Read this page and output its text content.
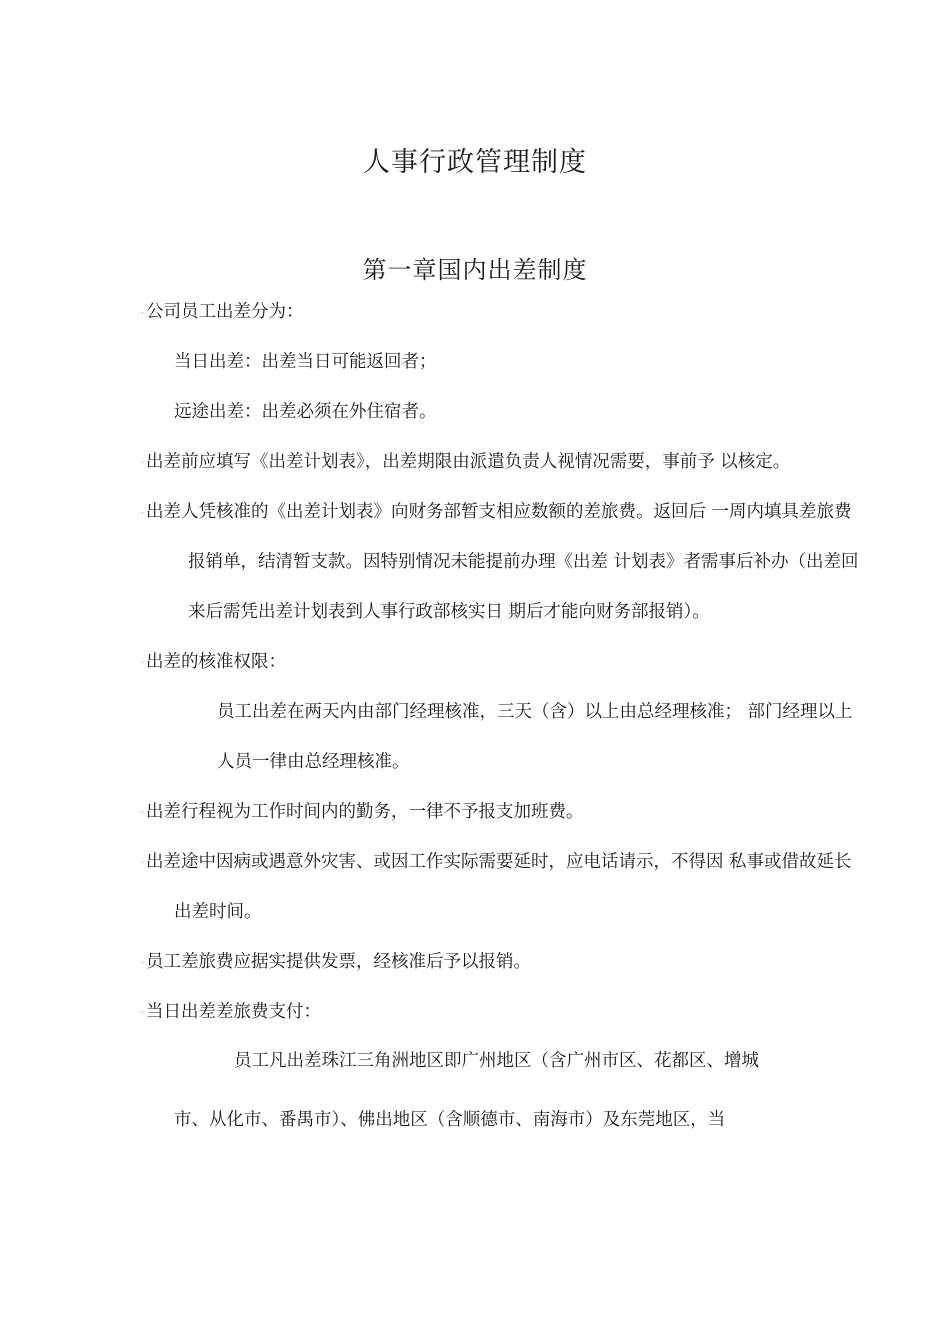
人事行政管理制度
第一章国内出差制度
. 公司员工出差分为：
当日出差：出差当日可能返回者；
远途出差：出差必须在外住宿者。
. 出差前应填写《出差计划表》，出差期限由派遣负责人视情况需要，事前予 以核定。
. 出差人凭核准的《出差计划表》向财务部暂支相应数额的差旅费。返回后 一周内填具差旅费
报销单，结清暂支款。因特别情况未能提前办理《出差 计划表》者需事后补办（出差回
来后需凭出差计划表到人事行政部核实日 期后才能向财务部报销）。
. 出差的核准权限：
员工出差在两天内由部门经理核准，三天（含）以上由总经理核准； 部门经理以上
人员一律由总经理核准。
. 出差行程视为工作时间内的勤务，一律不予报支加班费。
. 出差途中因病或遇意外灾害、或因工作实际需要延时，应电话请示，不得因 私事或借故延长
出差时间。
. 员工差旅费应据实提供发票，经核准后予以报销。
. 当日出差差旅费支付：
员工凡出差珠江三角洲地区即广州地区（含广州市区、花都区、增城
市、从化市、番禺市）、佛出地区（含顺德市、南海市）及东莞地区，当
